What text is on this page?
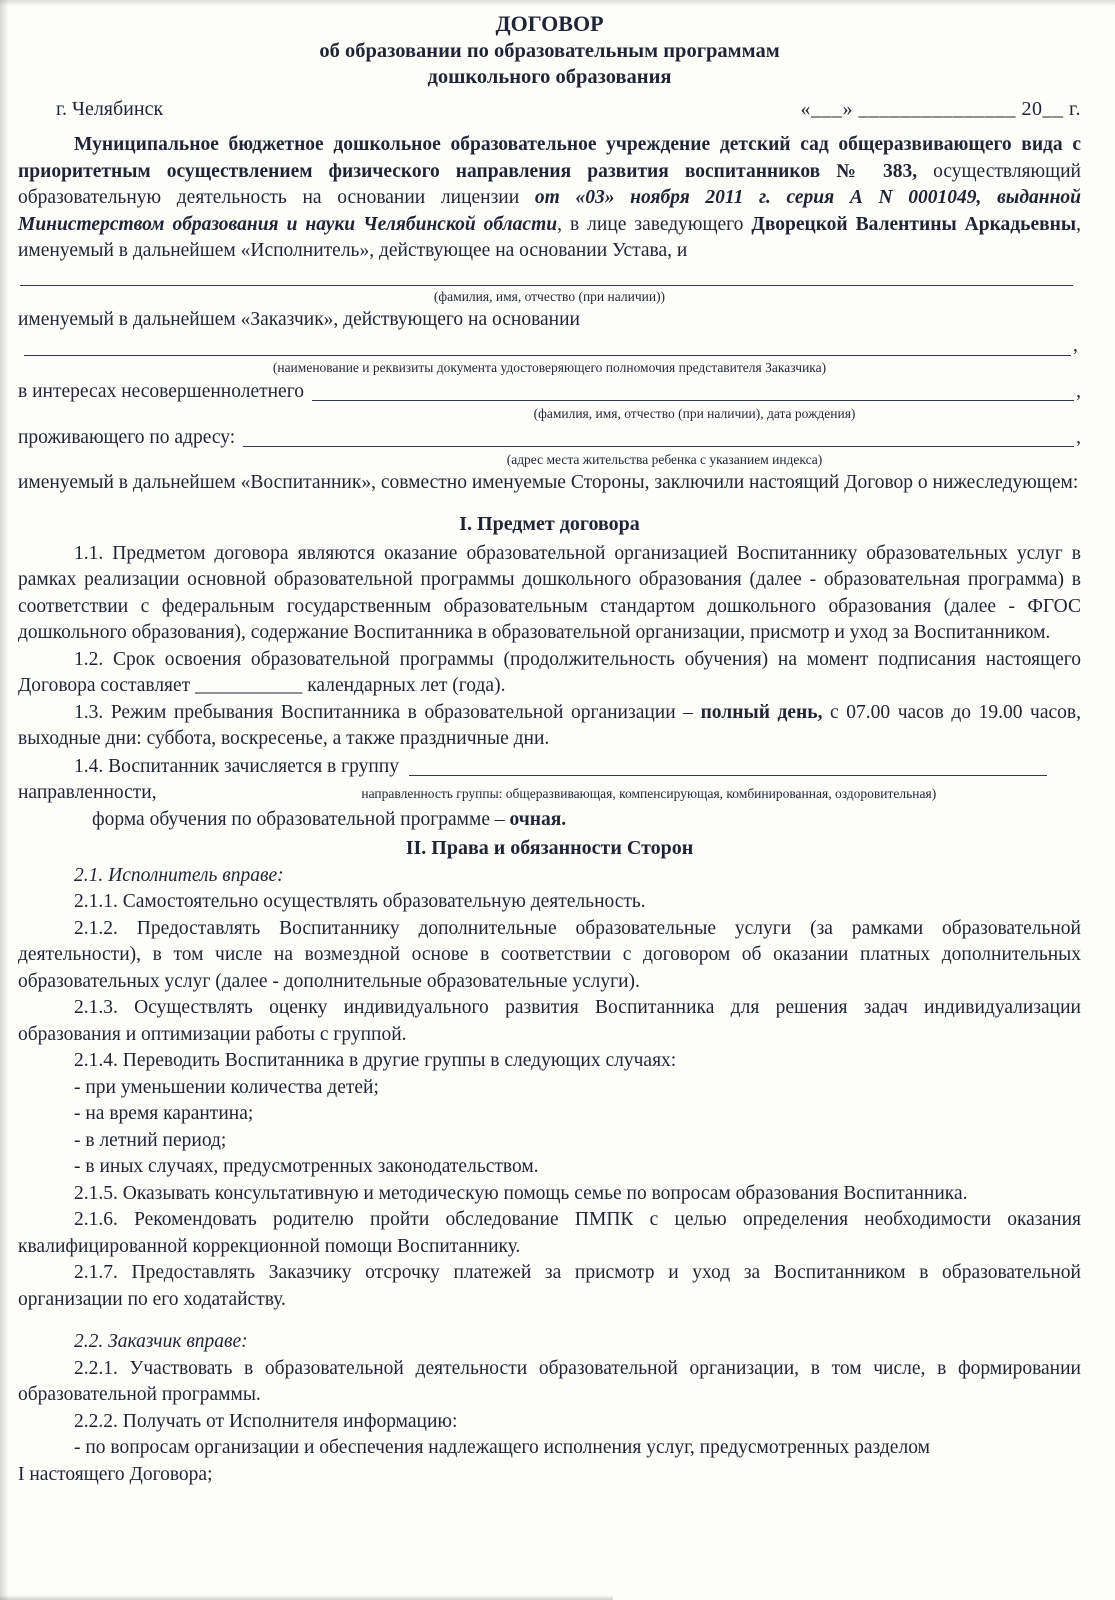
ДОГОВОР
об образовании по образовательным программам
дошкольного образования
г. Челябинск	«___» _______________ 20__ г.

Муниципальное бюджетное дошкольное образовательное учреждение детский сад общеразвивающего вида с приоритетным осуществлением физического направления развития воспитанников № 383, осуществляющий образовательную деятельность на основании лицензии от «03» ноября 2011 г. серия А N 0001049, выданной Министерством образования и науки Челябинской области, в лице заведующего Дворецкой Валентины Аркадьевны, именуемый в дальнейшем «Исполнитель», действующее на основании Устава, и

(фамилия, имя, отчество (при наличии))

именуемый в дальнейшем «Заказчик», действующего на основании

,
(наименование и реквизиты документа удостоверяющего полномочия представителя Заказчика)
в интересах несовершеннолетнего	,
(фамилия, имя, отчество (при наличии), дата рождения)
проживающего по адресу:	,
(адрес места жительства ребенка с указанием индекса)

именуемый в дальнейшем «Воспитанник», совместно именуемые Стороны, заключили настоящий Договор о нижеследующем:

I. Предмет договора

1.1. Предметом договора являются оказание образовательной организацией Воспитаннику образовательных услуг в рамках реализации основной образовательной программы дошкольного образования (далее - образовательная программа) в соответствии с федеральным государственным образовательным стандартом дошкольного образования (далее - ФГОС дошкольного образования), содержание Воспитанника в образовательной организации, присмотр и уход за Воспитанником.

1.2. Срок освоения образовательной программы (продолжительность обучения) на момент подписания настоящего Договора составляет ___________ календарных лет (года).

1.3. Режим пребывания Воспитанника в образовательной организации – полный день, с 07.00 часов до 19.00 часов, выходные дни: суббота, воскресенье, а также праздничные дни.

1.4. Воспитанник зачисляется в группу
направленности,	направленность группы: общеразвивающая, компенсирующая, комбинированная, оздоровительная)
форма обучения по образовательной программе – очная.
II. Права и обязанности Сторон

2.1. Исполнитель вправе:

2.1.1. Самостоятельно осуществлять образовательную деятельность.

2.1.2. Предоставлять Воспитаннику дополнительные образовательные услуги (за рамками образовательной деятельности), в том числе на возмездной основе в соответствии с договором об оказании платных дополнительных образовательных услуг (далее - дополнительные образовательные услуги).

2.1.3. Осуществлять оценку индивидуального развития Воспитанника для решения задач индивидуализации образования и оптимизации работы с группой.

2.1.4. Переводить Воспитанника в другие группы в следующих случаях:

- при уменьшении количества детей;

- на время карантина;

- в летний период;

- в иных случаях, предусмотренных законодательством.

2.1.5. Оказывать консультативную и методическую помощь семье по вопросам образования Воспитанника.

2.1.6. Рекомендовать родителю пройти обследование ПМПК с целью определения необходимости оказания квалифицированной коррекционной помощи Воспитаннику.

2.1.7. Предоставлять Заказчику отсрочку платежей за присмотр и уход за Воспитанником в образовательной организации по его ходатайству.

2.2. Заказчик вправе:

2.2.1. Участвовать в образовательной деятельности образовательной организации, в том числе, в формировании образовательной программы.

2.2.2. Получать от Исполнителя информацию:

- по вопросам организации и обеспечения надлежащего исполнения услуг, предусмотренных разделом

I настоящего Договора;
